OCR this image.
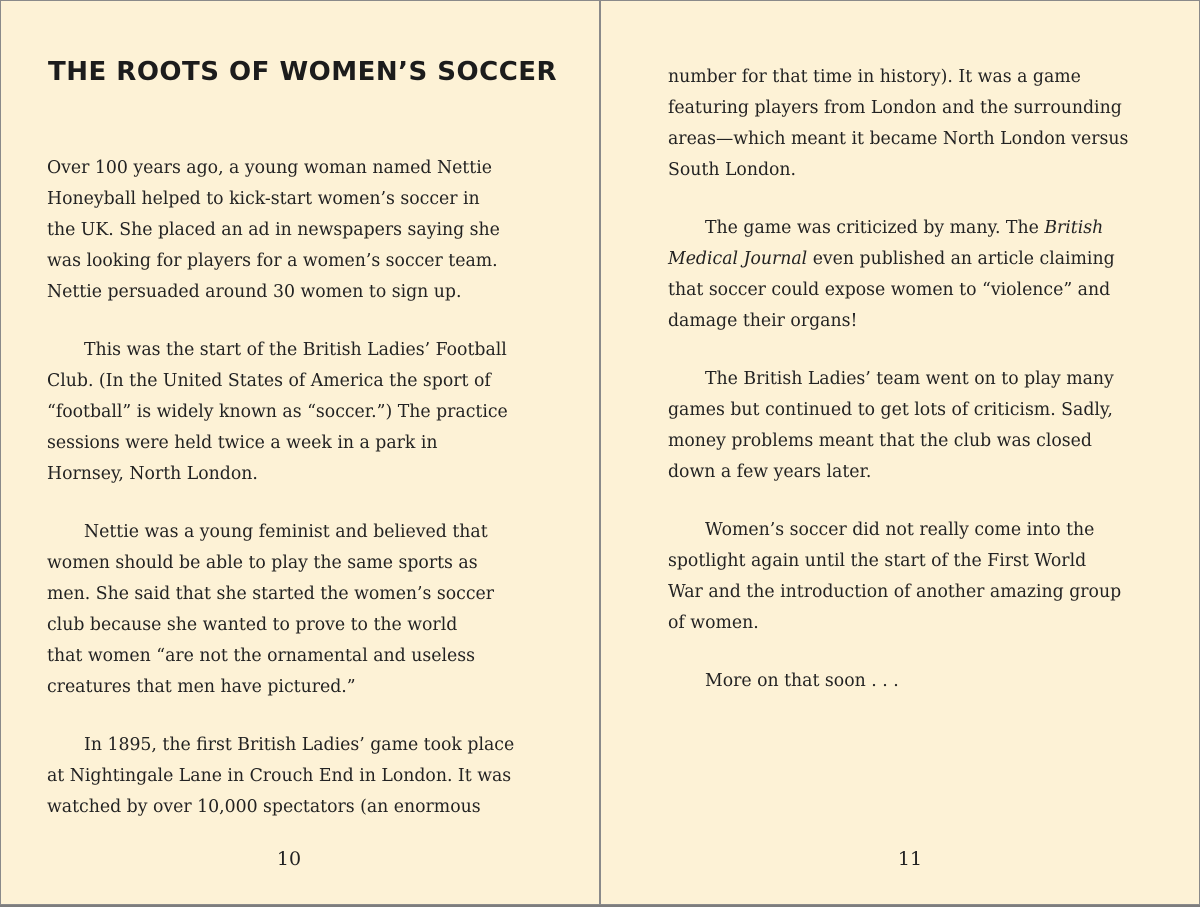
THE ROOTS OF WOMEN’S SOCCER

Over 100 years ago, a young woman named Nettie
Honeyball helped to kick-start women’s soccer in
the UK. She placed an ad in newspapers saying she
was looking for players for a women’s soccer team.
Nettie persuaded around 30 women to sign up.

This was the start of the British Ladies’ Football
Club. (In the United States of America the sport of
“football” is widely known as “soccer.”) The practice
sessions were held twice a week in a park in
Hornsey, North London.

Nettie was a young feminist and believed that
women should be able to play the same sports as
men. She said that she started the women’s soccer
club because she wanted to prove to the world
that women “are not the ornamental and useless
creatures that men have pictured.”

In 1895, the first British Ladies’ game took place
at Nightingale Lane in Crouch End in London. It was
watched by over 10,000 spectators (an enormous

10

number for that time in history). It was a game
featuring players from London and the surrounding
areas—which meant it became North London versus
South London.

The game was criticized by many. The British
Medical Journal even published an article claiming
that soccer could expose women to “violence” and
damage their organs!

The British Ladies’ team went on to play many
games but continued to get lots of criticism. Sadly,
money problems meant that the club was closed
down a few years later.

Women’s soccer did not really come into the
spotlight again until the start of the First World
War and the introduction of another amazing group
of women.

More on that soon . . .

11
